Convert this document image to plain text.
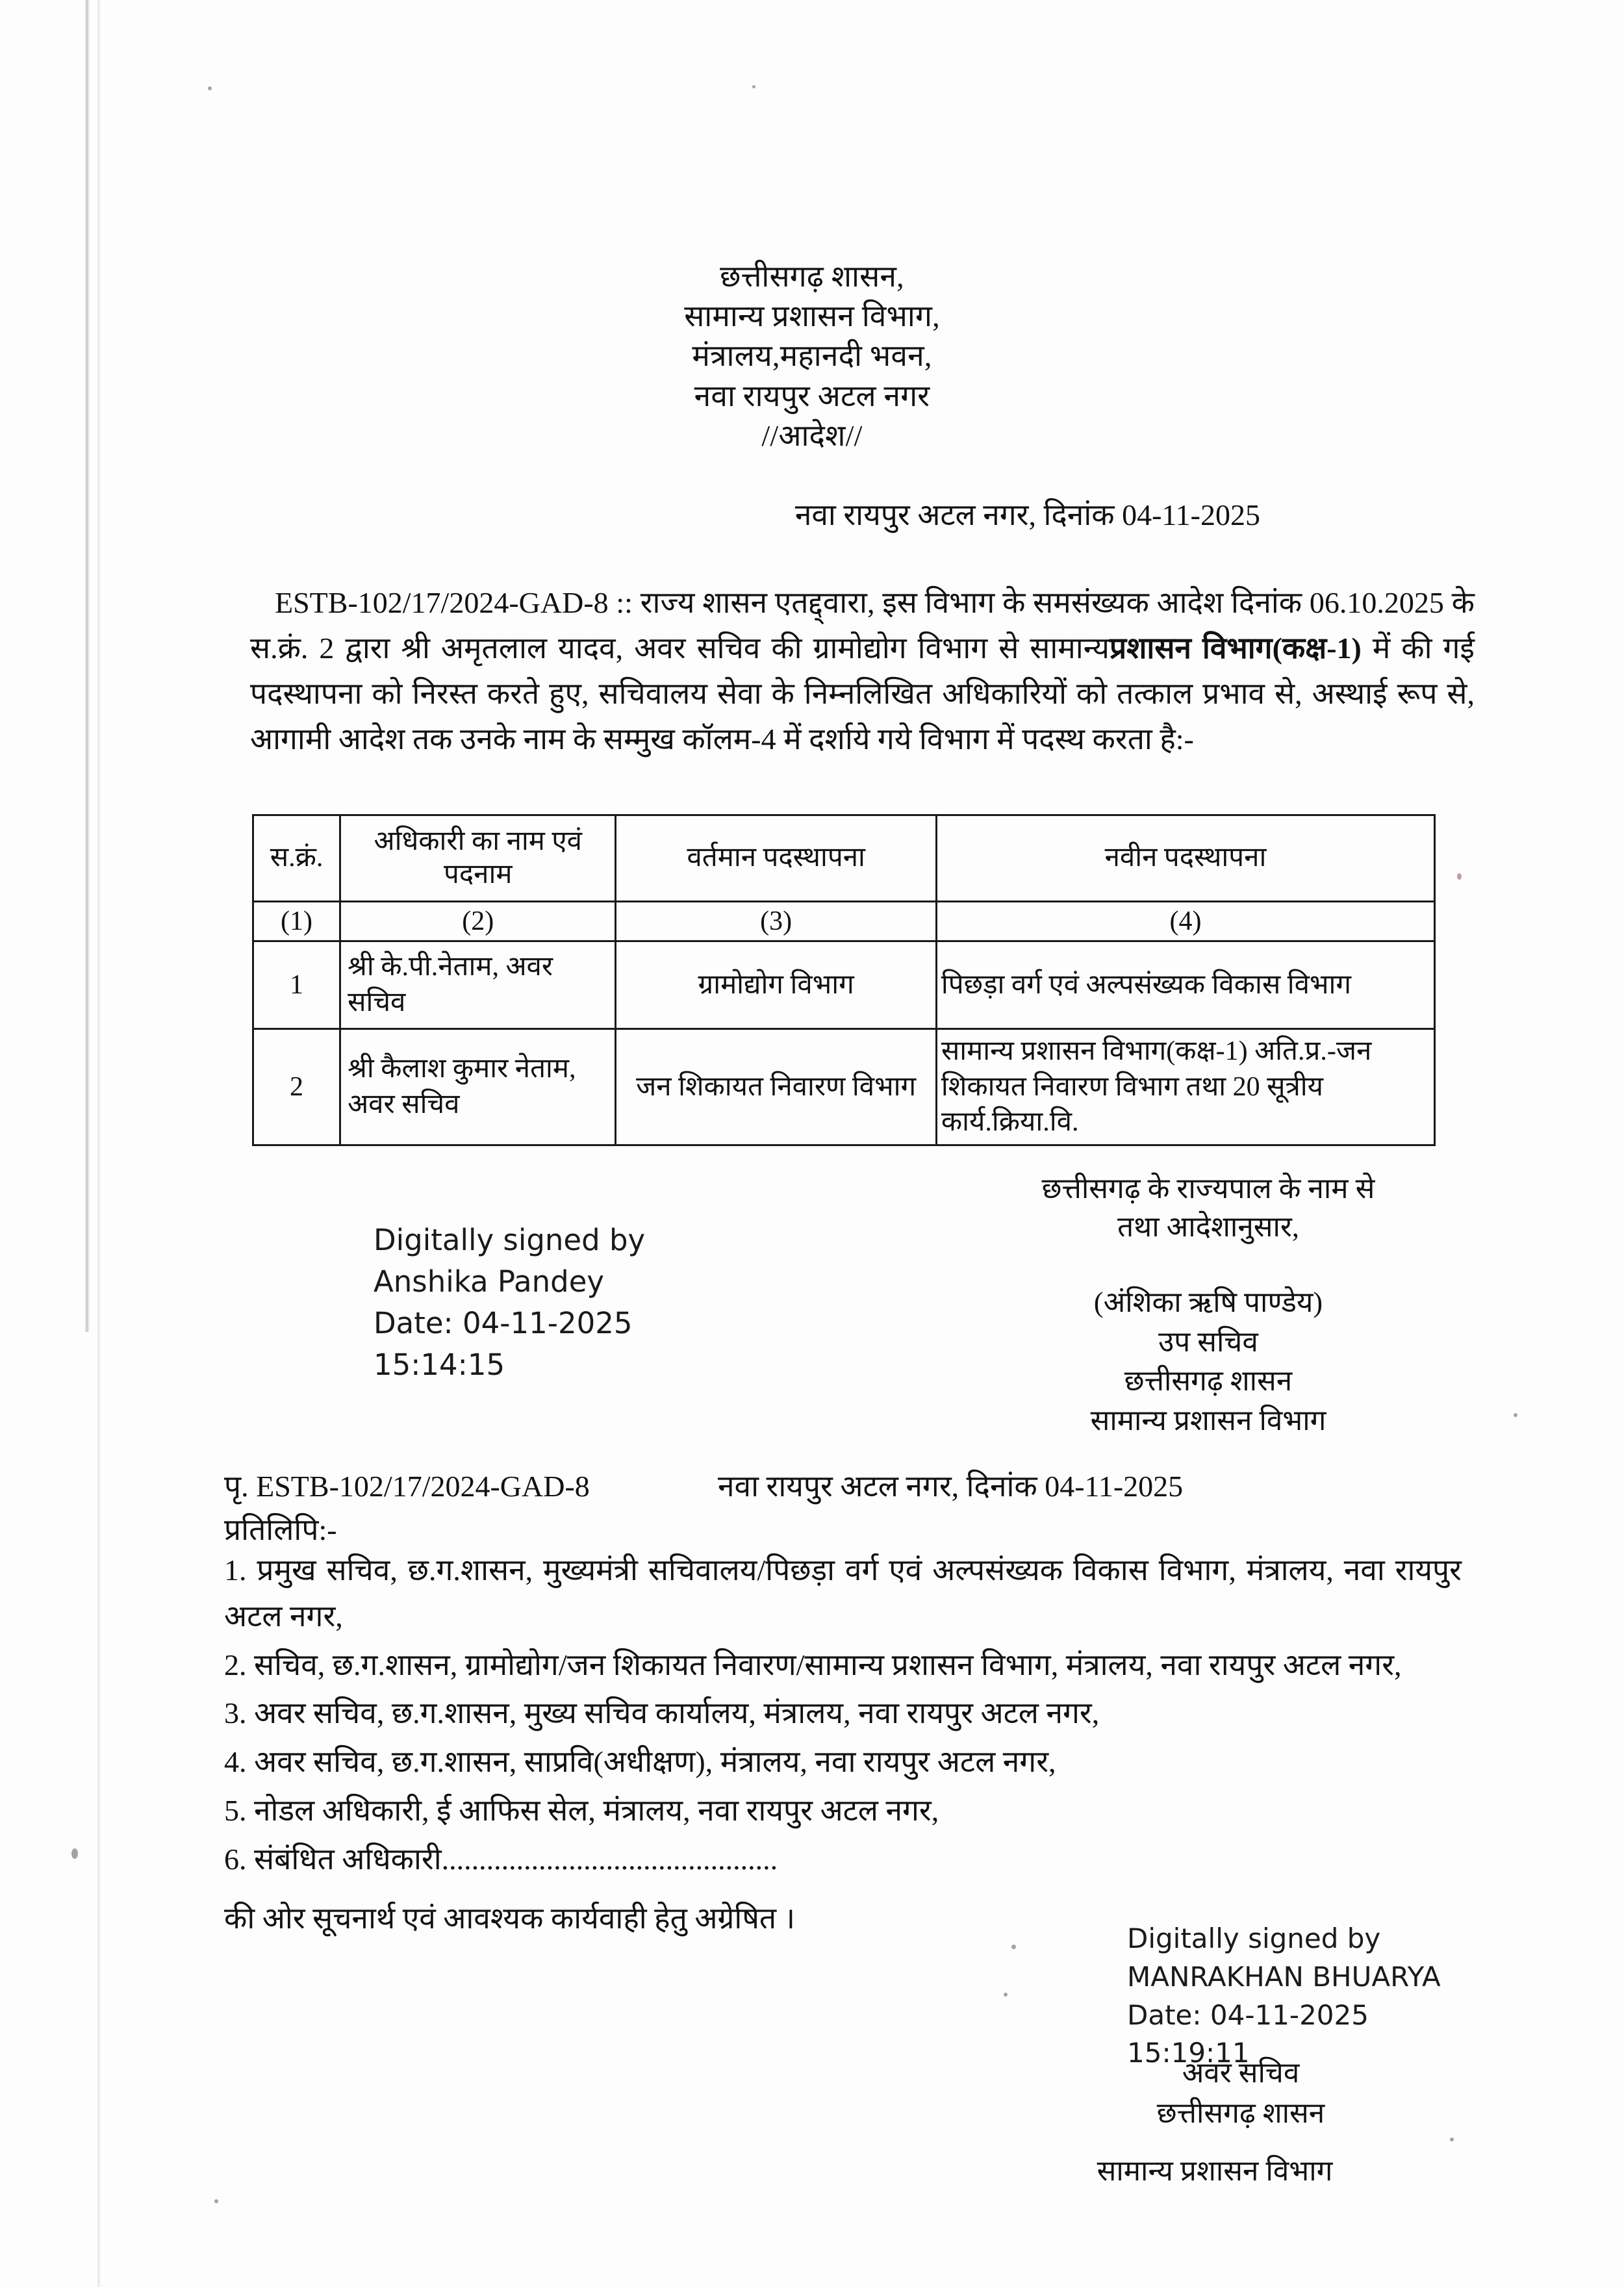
छत्तीसगढ़ शासन,
सामान्य प्रशासन विभाग,
मंत्रालय,महानदी भवन,
नवा रायपुर अटल नगर
//आदेश//
नवा रायपुर अटल नगर, दिनांक 04-11-2025
ESTB-102/17/2024-GAD-8 :: राज्य शासन एतद्द्वारा, इस विभाग के समसंख्यक आदेश दिनांक 06.10.2025 के स.क्रं. 2 द्वारा श्री अमृतलाल यादव, अवर सचिव की ग्रामोद्योग विभाग से सामान्यप्रशासन विभाग(कक्ष-1) में की गई पदस्थापना को निरस्त करते हुए, सचिवालय सेवा के निम्नलिखित अधिकारियों को तत्काल प्रभाव से, अस्थाई रूप से, आगामी आदेश तक उनके नाम के सम्मुख कॉलम-4 में दर्शाये गये विभाग में पदस्थ करता है:-
स.क्रं.	अधिकारी का नाम एवं पदनाम	वर्तमान पदस्थापना	नवीन पदस्थापना
(1)	(2)	(3)	(4)
1	श्री के.पी.नेताम, अवर सचिव	ग्रामोद्योग विभाग	पिछड़ा वर्ग एवं अल्पसंख्यक विकास विभाग
2	श्री कैलाश कुमार नेताम, अवर सचिव	जन शिकायत निवारण विभाग	सामान्य प्रशासन विभाग(कक्ष-1) अति.प्र.-जन शिकायत निवारण विभाग तथा 20 सूत्रीय कार्य.क्रिया.वि.
छत्तीसगढ़ के राज्यपाल के नाम से
तथा आदेशानुसार,
(अंशिका ऋषि पाण्डेय)
उप सचिव
छत्तीसगढ़ शासन
सामान्य प्रशासन विभाग
Digitally signed by
Anshika Pandey
Date: 04-11-2025
15:14:15
पृ. ESTB-102/17/2024-GAD-8	नवा रायपुर अटल नगर, दिनांक 04-11-2025
प्रतिलिपि:-
1. प्रमुख सचिव, छ.ग.शासन, मुख्यमंत्री सचिवालय/पिछड़ा वर्ग एवं अल्पसंख्यक विकास विभाग, मंत्रालय, नवा रायपुर अटल नगर,
2. सचिव, छ.ग.शासन, ग्रामोद्योग/जन शिकायत निवारण/सामान्य प्रशासन विभाग, मंत्रालय, नवा रायपुर अटल नगर,
3. अवर सचिव, छ.ग.शासन, मुख्य सचिव कार्यालय, मंत्रालय, नवा रायपुर अटल नगर,
4. अवर सचिव, छ.ग.शासन, साप्रवि(अधीक्षण), मंत्रालय, नवा रायपुर अटल नगर,
5. नोडल अधिकारी, ई आफिस सेल, मंत्रालय, नवा रायपुर अटल नगर,
6. संबंधित अधिकारी.............................................
की ओर सूचनार्थ एवं आवश्यक कार्यवाही हेतु अग्रेषित ।
Digitally signed by
MANRAKHAN BHUARYA
Date: 04-11-2025
15:19:11
अवर सचिव
छत्तीसगढ़ शासन
सामान्य प्रशासन विभाग
